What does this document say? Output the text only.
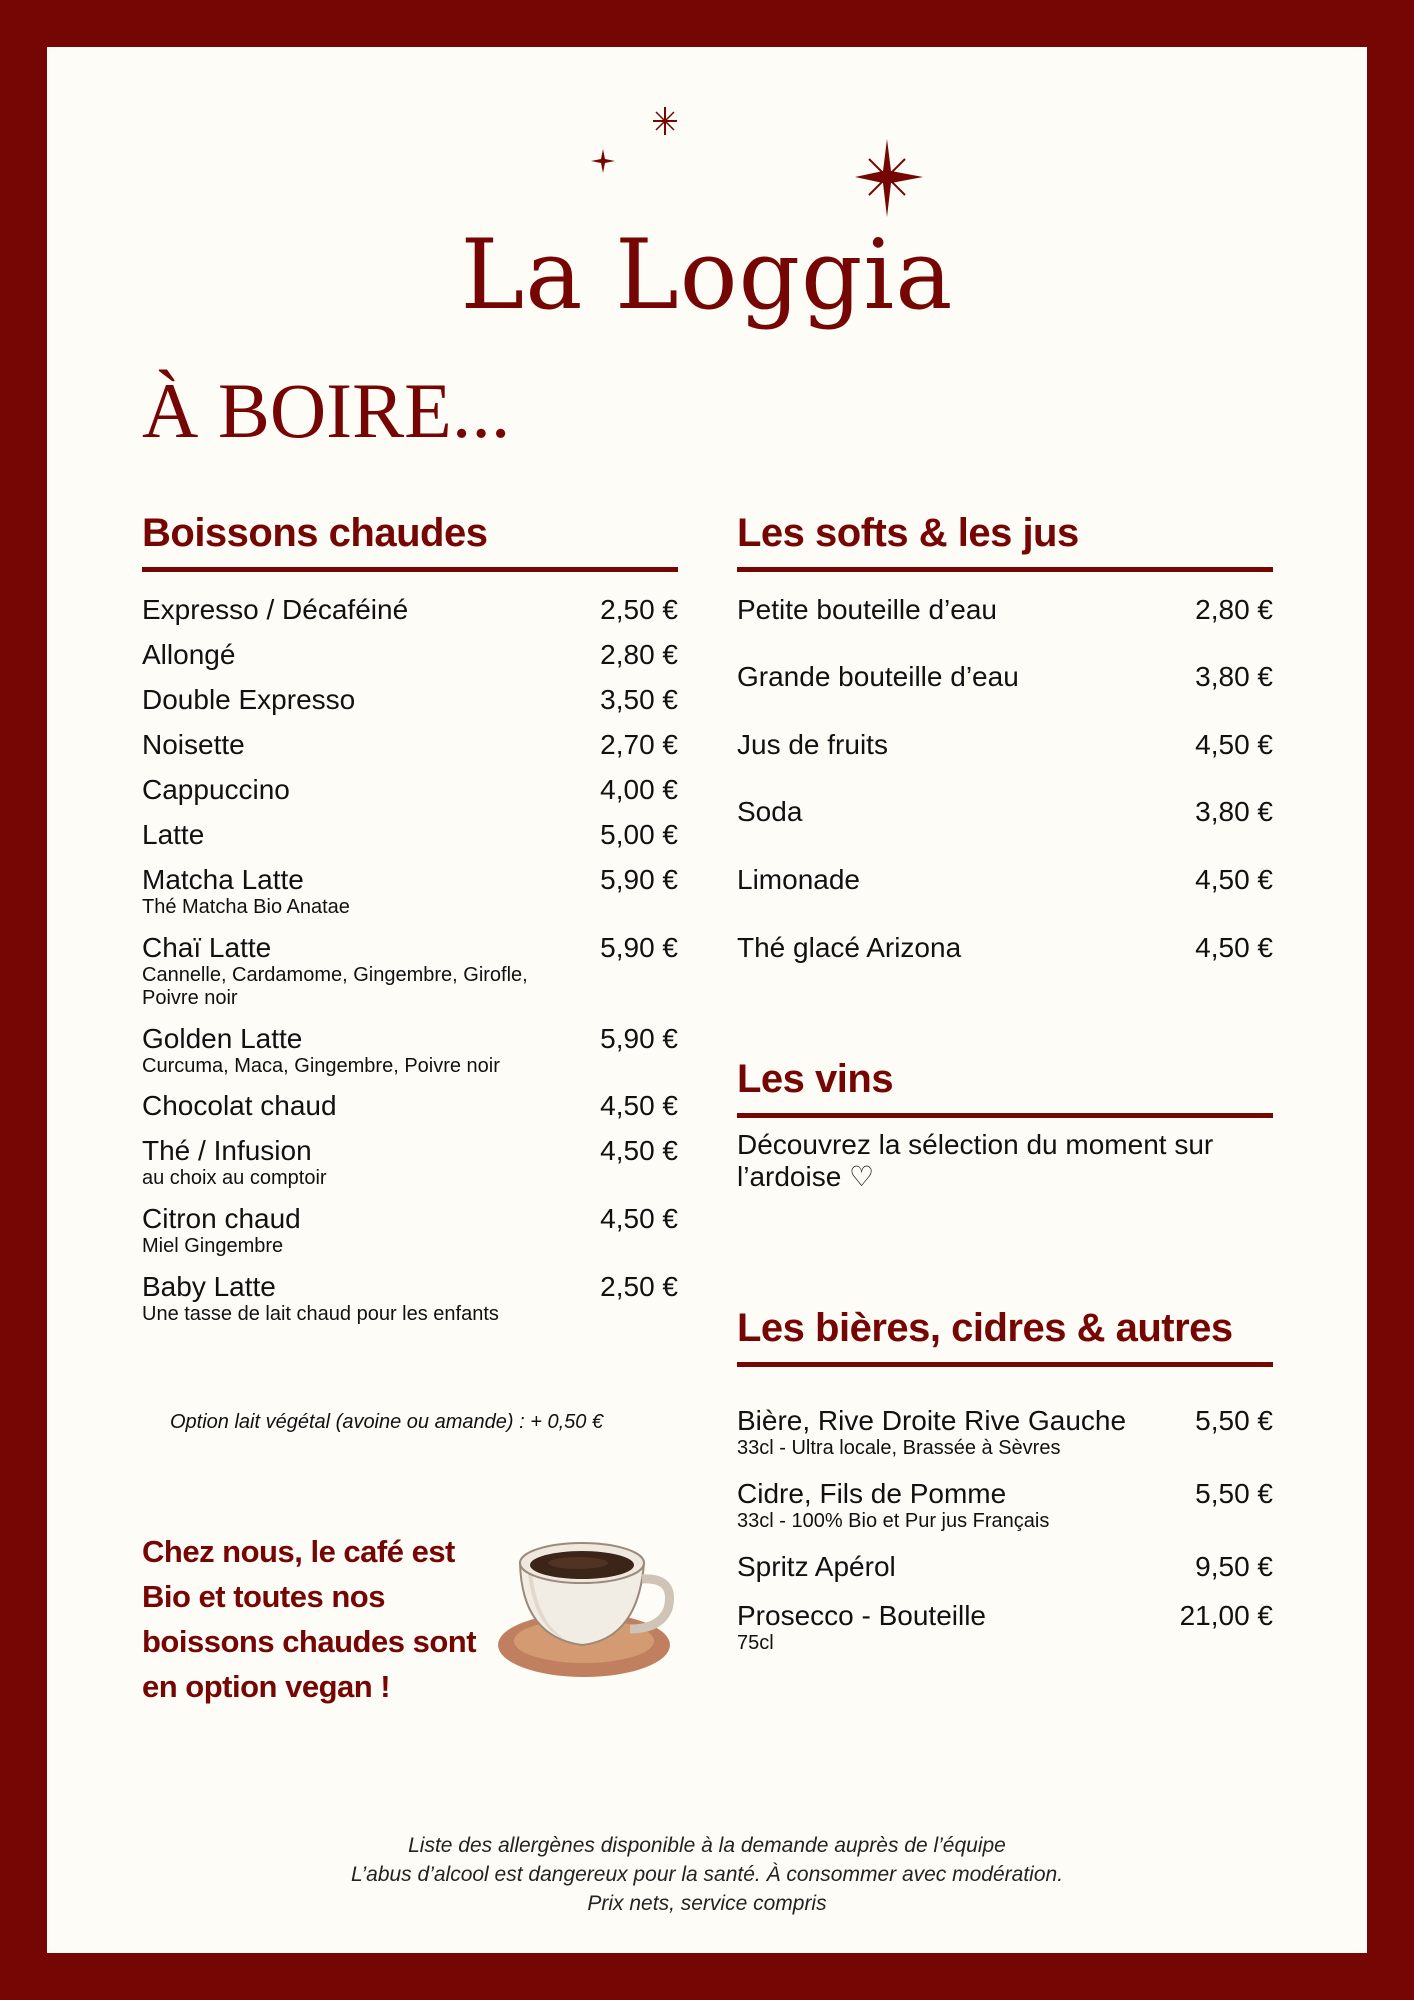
La Loggia
À BOIRE...
Boissons chaudes
Expresso / Décaféiné	2,50 €
Allongé	2,80 €
Double Expresso	3,50 €
Noisette	2,70 €
Cappuccino	4,00 €
Latte	5,00 €
Matcha Latte	5,90 €
Thé Matcha Bio Anatae
Chaï Latte	5,90 €
Cannelle, Cardamome, Gingembre, Girofle, Poivre noir
Golden Latte	5,90 €
Curcuma, Maca, Gingembre, Poivre noir
Chocolat chaud	4,50 €
Thé / Infusion	4,50 €
au choix au comptoir
Citron chaud	4,50 €
Miel Gingembre
Baby Latte	2,50 €
Une tasse de lait chaud pour les enfants
Option lait végétal (avoine ou amande) : + 0,50 €
Chez nous, le café est Bio et toutes nos boissons chaudes sont en option vegan !
Les softs & les jus
Petite bouteille d’eau	2,80 €
Grande bouteille d’eau	3,80 €
Jus de fruits	4,50 €
Soda	3,80 €
Limonade	4,50 €
Thé glacé Arizona	4,50 €
Les vins
Découvrez la sélection du moment sur l’ardoise ♡
Les bières, cidres & autres
Bière, Rive Droite Rive Gauche	5,50 €
33cl - Ultra locale, Brassée à Sèvres
Cidre, Fils de Pomme	5,50 €
33cl - 100% Bio et Pur jus Français
Spritz Apérol	9,50 €
Prosecco - Bouteille	21,00 €
75cl
Liste des allergènes disponible à la demande auprès de l’équipe
L’abus d’alcool est dangereux pour la santé. À consommer avec modération.
Prix nets, service compris
